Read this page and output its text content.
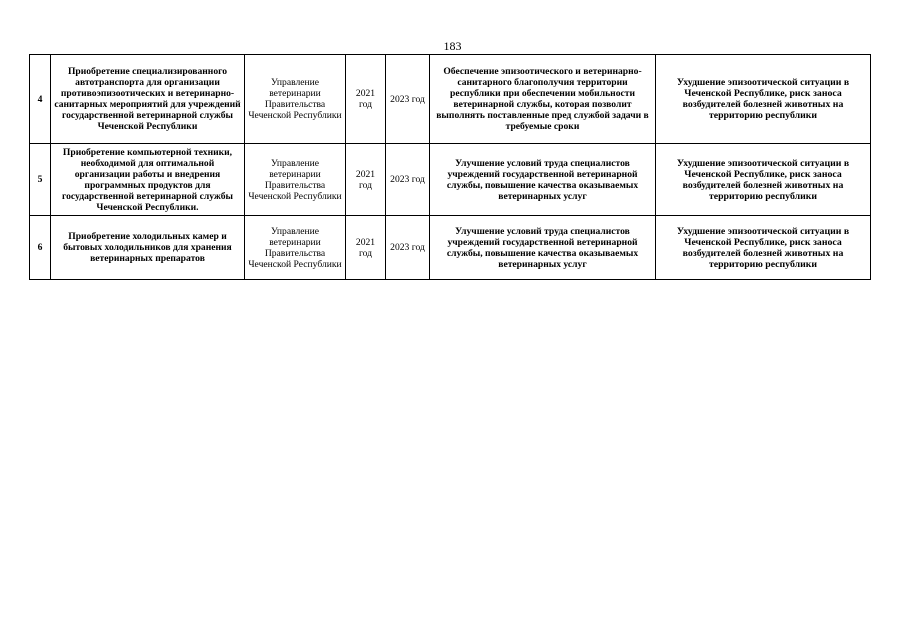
183
4	Приобретение специализированного автотранспорта для организации противоэпизоотических и ветеринарно-санитарных мероприятий для учреждений государственной ветеринарной службы Чеченской Республики	Управление ветеринарии Правительства Чеченской Республики	2021 год	2023 год	Обеспечение эпизоотического и ветеринарно-санитарного благополучия территории республики при обеспечении мобильности ветеринарной службы, которая позволит выполнять поставленные пред службой задачи в требуемые сроки	Ухудшение эпизоотической ситуации в Чеченской Республике, риск заноса возбудителей болезней животных на территорию республики
5	Приобретение компьютерной техники, необходимой для оптимальной организации работы и внедрения программных продуктов для государственной ветеринарной службы Чеченской Республики.	Управление ветеринарии Правительства Чеченской Республики	2021 год	2023 год	Улучшение условий труда специалистов учреждений государственной ветеринарной службы, повышение качества оказываемых ветеринарных услуг	Ухудшение эпизоотической ситуации в Чеченской Республике, риск заноса возбудителей болезней животных на территорию республики
6	Приобретение холодильных камер и бытовых холодильников для хранения ветеринарных препаратов	Управление ветеринарии Правительства Чеченской Республики	2021 год	2023 год	Улучшение условий труда специалистов учреждений государственной ветеринарной службы, повышение качества оказываемых ветеринарных услуг	Ухудшение эпизоотической ситуации в Чеченской Республике, риск заноса возбудителей болезней животных на территорию республики
